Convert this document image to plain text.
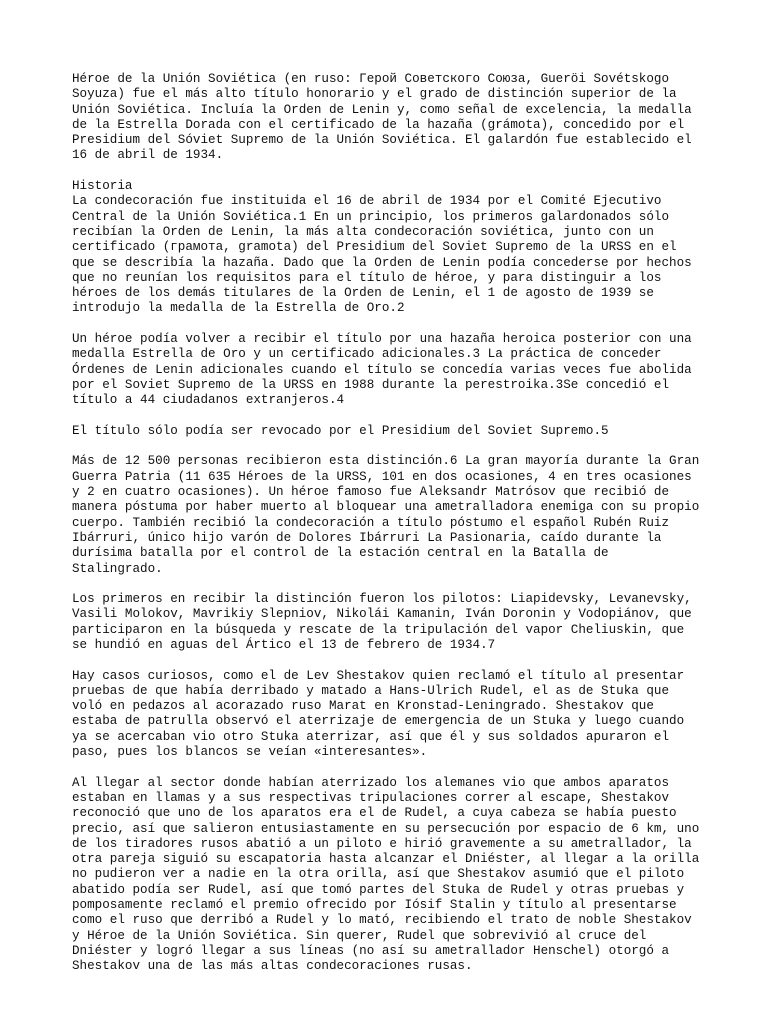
Héroe de la Unión Soviética (en ruso: Герой Советского Союза, Gueröi Sovétskogo
Soyuza) fue el más alto título honorario y el grado de distinción superior de la
Unión Soviética. Incluía la Orden de Lenin y, como señal de excelencia, la medalla
de la Estrella Dorada con el certificado de la hazaña (grámota), concedido por el
Presidium del Sóviet Supremo de la Unión Soviética. El galardón fue establecido el
16 de abril de 1934.

Historia
La condecoración fue instituida el 16 de abril de 1934 por el Comité Ejecutivo
Central de la Unión Soviética.1 En un principio, los primeros galardonados sólo
recibían la Orden de Lenin, la más alta condecoración soviética, junto con un
certificado (грамота, gramota) del Presidium del Soviet Supremo de la URSS en el
que se describía la hazaña. Dado que la Orden de Lenin podía concederse por hechos
que no reunían los requisitos para el título de héroe, y para distinguir a los
héroes de los demás titulares de la Orden de Lenin, el 1 de agosto de 1939 se
introdujo la medalla de la Estrella de Oro.2

Un héroe podía volver a recibir el título por una hazaña heroica posterior con una
medalla Estrella de Oro y un certificado adicionales.3 La práctica de conceder
Órdenes de Lenin adicionales cuando el título se concedía varias veces fue abolida
por el Soviet Supremo de la URSS en 1988 durante la perestroika.3Se concedió el
título a 44 ciudadanos extranjeros.4

El título sólo podía ser revocado por el Presidium del Soviet Supremo.5

Más de 12 500 personas recibieron esta distinción.6 La gran mayoría durante la Gran
Guerra Patria (11 635 Héroes de la URSS, 101 en dos ocasiones, 4 en tres ocasiones
y 2 en cuatro ocasiones). Un héroe famoso fue Aleksandr Matrósov que recibió de
manera póstuma por haber muerto al bloquear una ametralladora enemiga con su propio
cuerpo. También recibió la condecoración a título póstumo el español Rubén Ruiz
Ibárruri, único hijo varón de Dolores Ibárruri La Pasionaria, caído durante la
durísima batalla por el control de la estación central en la Batalla de
Stalingrado.

Los primeros en recibir la distinción fueron los pilotos: Liapidevsky, Levanevsky,
Vasili Molokov, Mavrikiy Slepniov, Nikolái Kamanin, Iván Doronin y Vodopiánov, que
participaron en la búsqueda y rescate de la tripulación del vapor Cheliuskin, que
se hundió en aguas del Ártico el 13 de febrero de 1934.7

Hay casos curiosos, como el de Lev Shestakov quien reclamó el título al presentar
pruebas de que había derribado y matado a Hans-Ulrich Rudel, el as de Stuka que
voló en pedazos al acorazado ruso Marat en Kronstad-Leningrado. Shestakov que
estaba de patrulla observó el aterrizaje de emergencia de un Stuka y luego cuando
ya se acercaban vio otro Stuka aterrizar, así que él y sus soldados apuraron el
paso, pues los blancos se veían «interesantes».

Al llegar al sector donde habían aterrizado los alemanes vio que ambos aparatos
estaban en llamas y a sus respectivas tripulaciones correr al escape, Shestakov
reconoció que uno de los aparatos era el de Rudel, a cuya cabeza se había puesto
precio, así que salieron entusiastamente en su persecución por espacio de 6 km, uno
de los tiradores rusos abatió a un piloto e hirió gravemente a su ametrallador, la
otra pareja siguió su escapatoria hasta alcanzar el Dniéster, al llegar a la orilla
no pudieron ver a nadie en la otra orilla, así que Shestakov asumió que el piloto
abatido podía ser Rudel, así que tomó partes del Stuka de Rudel y otras pruebas y
pomposamente reclamó el premio ofrecido por Iósif Stalin y título al presentarse
como el ruso que derribó a Rudel y lo mató, recibiendo el trato de noble Shestakov
y Héroe de la Unión Soviética. Sin querer, Rudel que sobrevivió al cruce del
Dniéster y logró llegar a sus líneas (no así su ametrallador Henschel) otorgó a
Shestakov una de las más altas condecoraciones rusas.
